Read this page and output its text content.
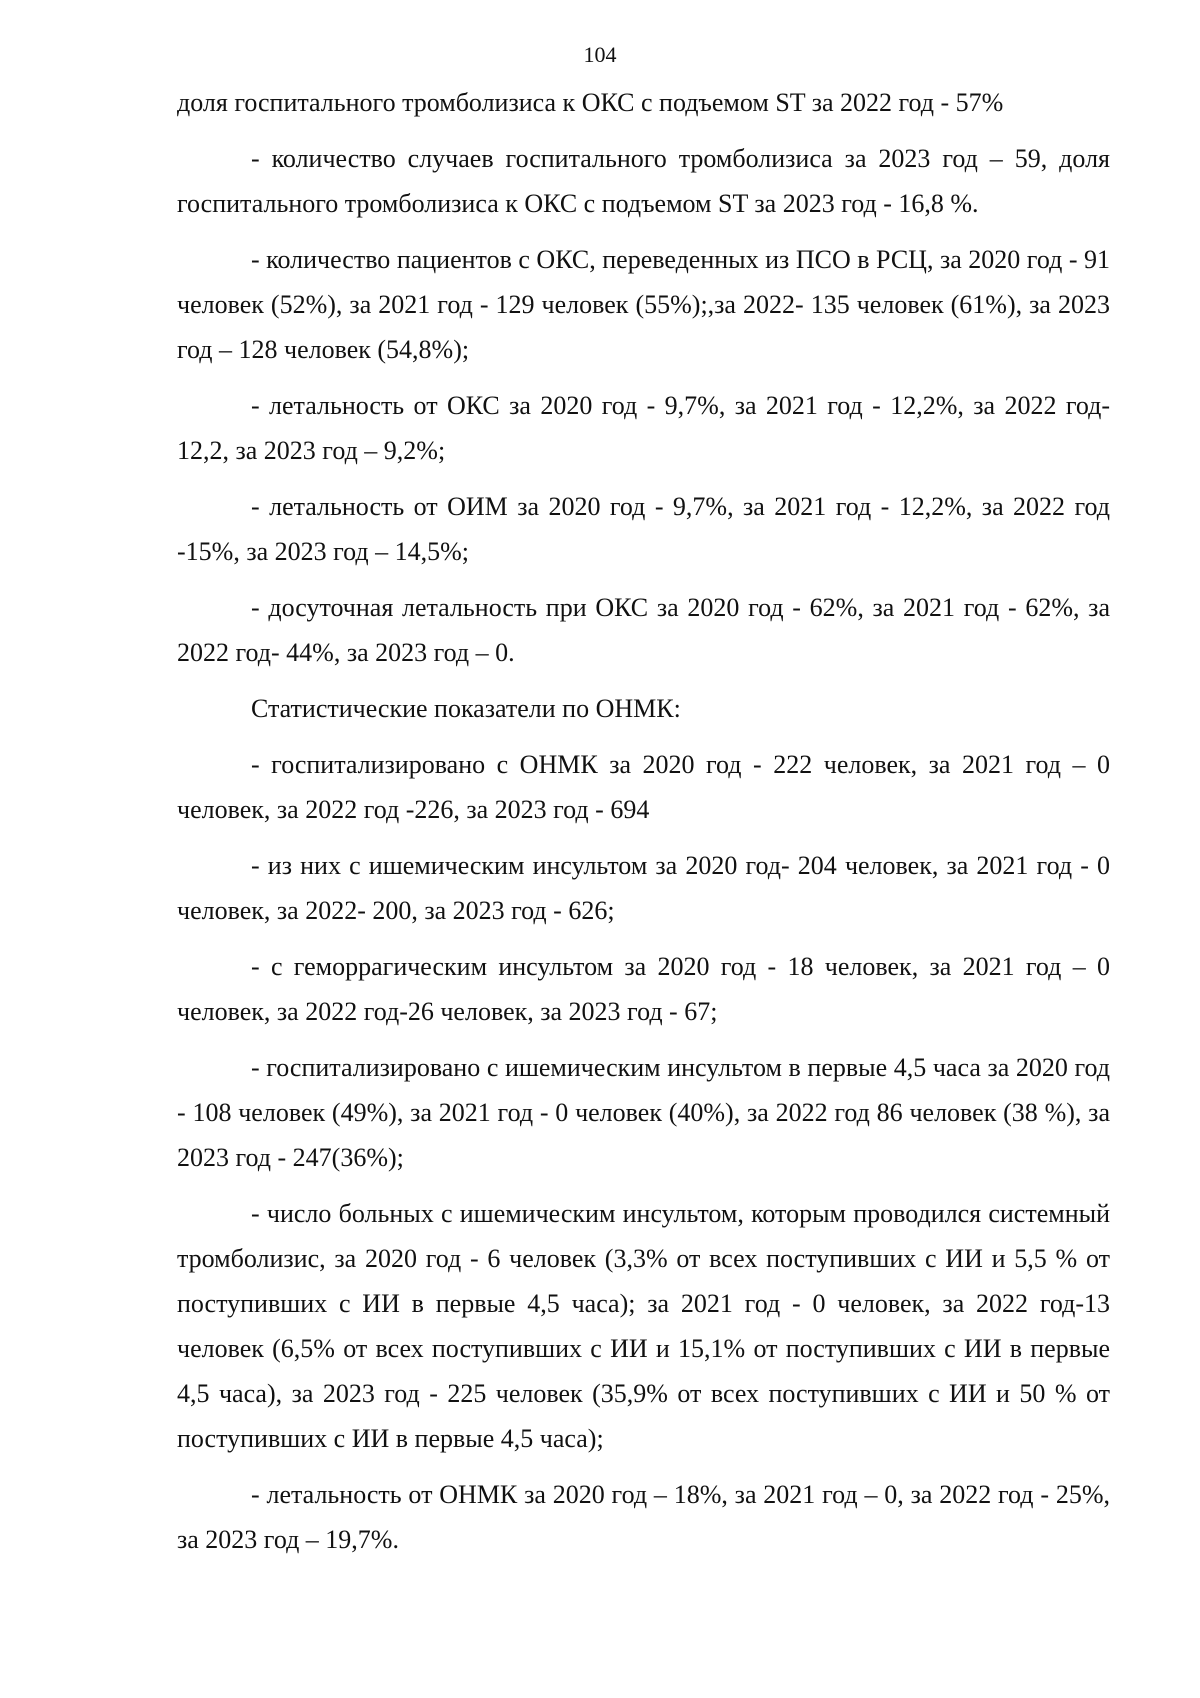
104

доля госпитального тромболизиса к ОКС с подъемом ST за 2022 год - 57%

- количество случаев госпитального тромболизиса за 2023 год – 59, доля госпитального тромболизиса к ОКС с подъемом ST за 2023 год - 16,8 %.

- количество пациентов с ОКС, переведенных из ПСО в РСЦ, за 2020 год - 91 человек (52%), за 2021 год - 129 человек (55%);,за 2022- 135 человек (61%), за 2023 год – 128 человек (54,8%);

- летальность от ОКС за 2020 год - 9,7%, за 2021 год - 12,2%, за 2022 год- 12,2, за 2023 год – 9,2%;

- летальность от ОИМ за 2020 год - 9,7%, за 2021 год - 12,2%, за 2022 год -15%, за 2023 год – 14,5%;

- досуточная летальность при ОКС за 2020 год - 62%, за 2021 год - 62%, за 2022 год- 44%, за 2023 год – 0.

Статистические показатели по ОНМК:

- госпитализировано с ОНМК за 2020 год - 222 человек, за 2021 год – 0 человек, за 2022 год -226, за 2023 год - 694

- из них с ишемическим инсультом за 2020 год- 204 человек, за 2021 год - 0 человек, за 2022- 200, за 2023 год - 626;

- с геморрагическим инсультом за 2020 год - 18 человек, за 2021 год – 0 человек, за 2022 год-26 человек, за 2023 год - 67;

- госпитализировано с ишемическим инсультом в первые 4,5 часа за 2020 год - 108 человек (49%), за 2021 год - 0 человек (40%), за 2022 год 86 человек (38 %), за 2023 год - 247(36%);

- число больных с ишемическим инсультом, которым проводился системный тромболизис, за 2020 год - 6 человек (3,3% от всех поступивших с ИИ и 5,5 % от поступивших с ИИ в первые 4,5 часа); за 2021 год - 0 человек, за 2022 год-13 человек (6,5% от всех поступивших с ИИ и 15,1% от поступивших с ИИ в первые 4,5 часа), за 2023 год - 225 человек (35,9% от всех поступивших с ИИ и 50 % от поступивших с ИИ в первые 4,5 часа);

- летальность от ОНМК за 2020 год – 18%, за 2021 год – 0, за 2022 год - 25%, за 2023 год – 19,7%.
